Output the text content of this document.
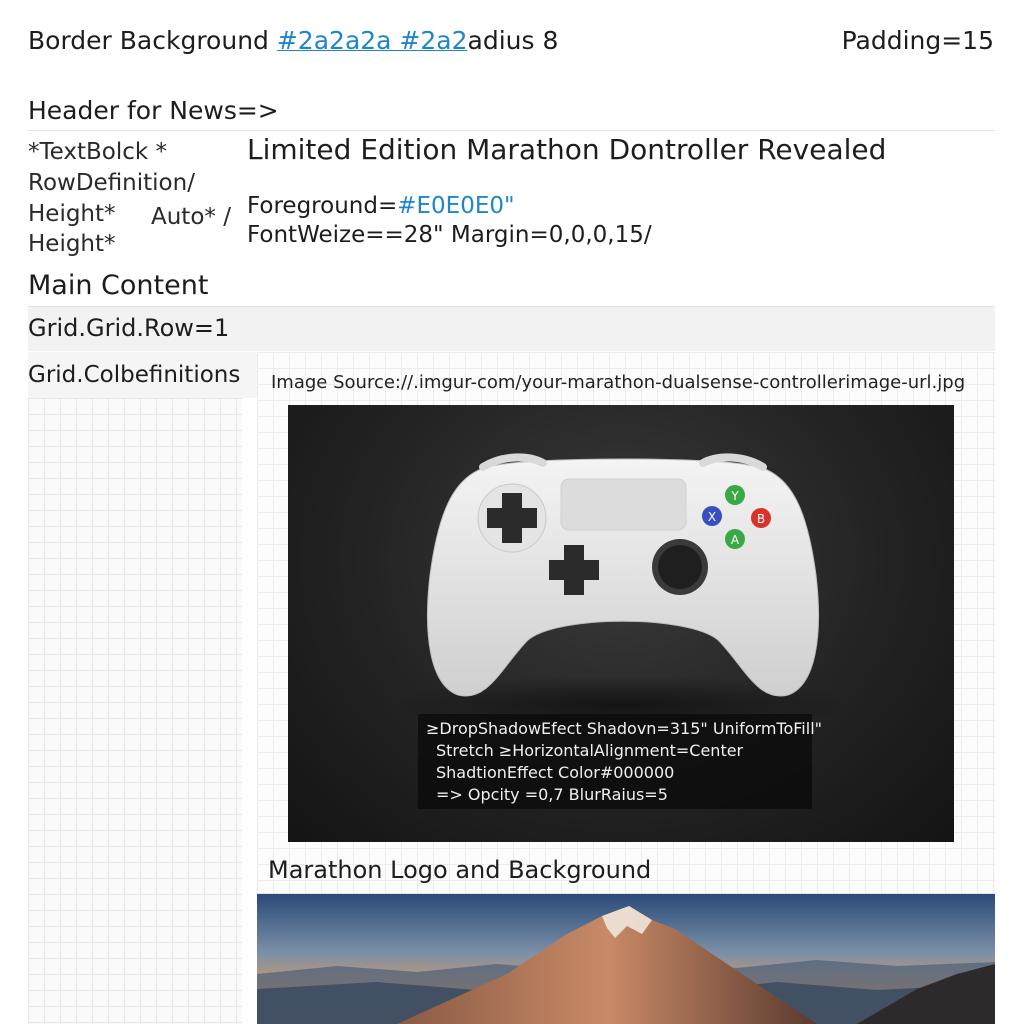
Border Background #2a2a2a #2a2adius 8	Padding=15
Header for News=>
*TextBolck *
RowDefinition/
Height*
Height*
Auto* /
Limited Edition Marathon Dontroller Revealed
Foreground=#E0E0E0"
FontWeize==28" Margin=0,0,0,15/
Main Content
Grid.Grid.Row=1
Grid.Colbefinitions Image Source://.imgur-com/your-marathon-dualsense-controllerimage-url.jpg
Y
X	B
A
≥DropShadowEfect Shadovn=315" UniformToFill"
Stretch ≥HorizontalAlignment=Center
ShadtionEffect Color#000000
=> Opcity =0,7 BlurRaius=5
Marathon Logo and Background
